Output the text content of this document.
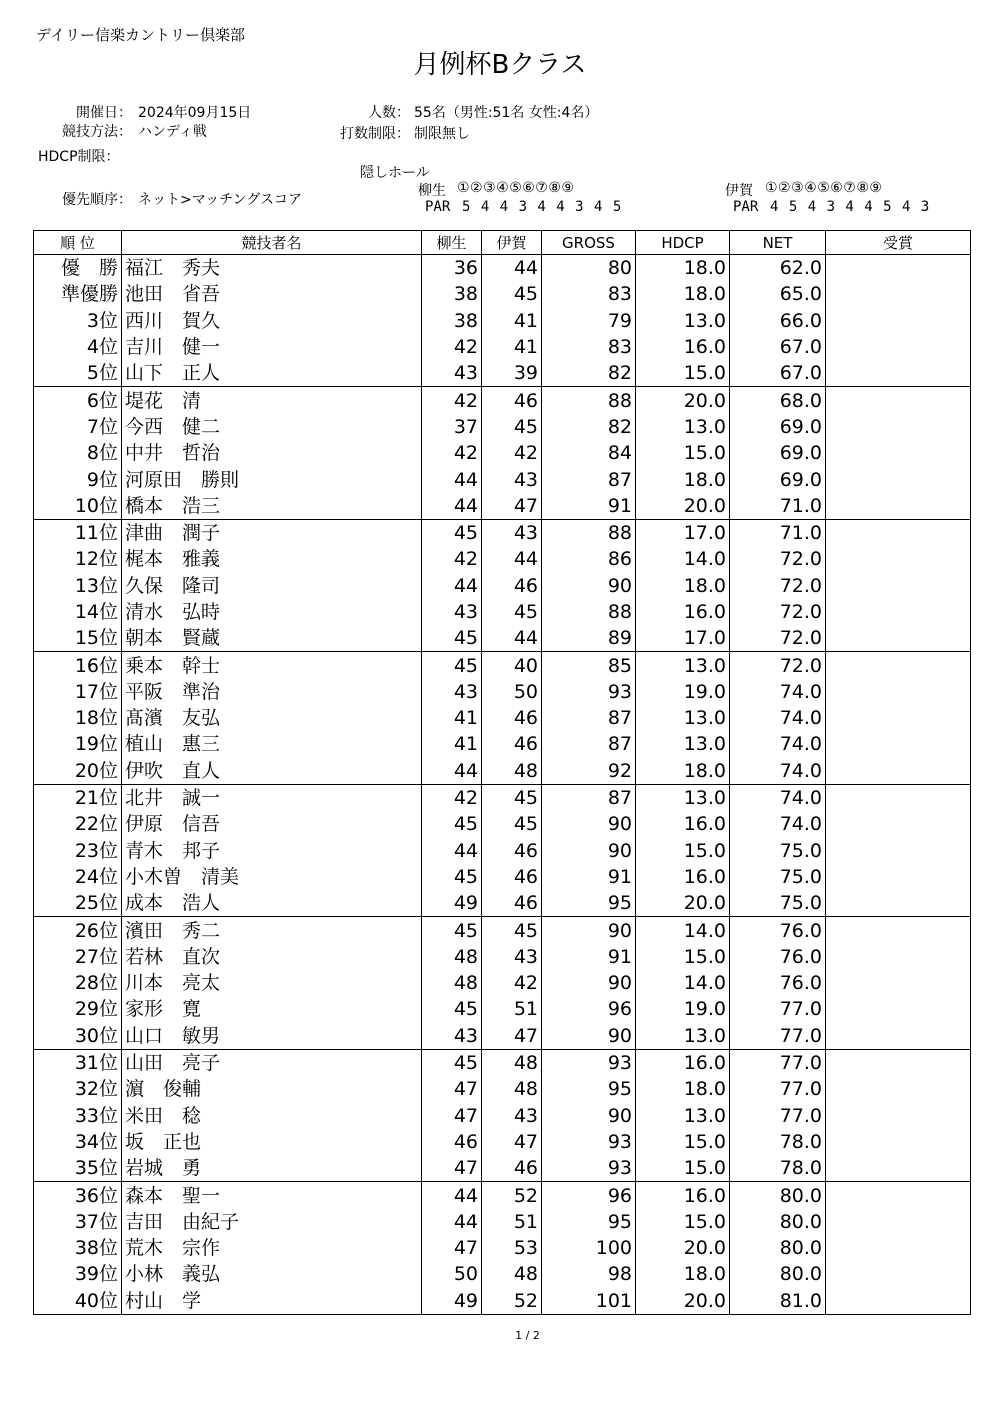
デイリー信楽カントリー倶楽部
月例杯Bクラス
開催日： 2024年09月15日
競技方法： ハンディ戦
HDCP制限：
優先順序： ネット>マッチングスコア
人数： 55名（男性:51名 女性:4名）
打数制限： 制限無し
隠しホール
柳生 ①②③④⑤⑥⑦⑧⑨
PAR 5 4 4 3 4 4 3 4 5
伊賀 ①②③④⑤⑥⑦⑧⑨
PAR 4 5 4 3 4 4 5 4 3
順 位	競技者名	柳生	伊賀	GROSS	HDCP	NET	受賞
優　勝	福江　秀夫	36	44	80	18.0	62.0	
準優勝	池田　省吾	38	45	83	18.0	65.0	
3位	西川　賀久	38	41	79	13.0	66.0	
4位	吉川　健一	42	41	83	16.0	67.0	
5位	山下　正人	43	39	82	15.0	67.0	
6位	堤花　清	42	46	88	20.0	68.0	
7位	今西　健二	37	45	82	13.0	69.0	
8位	中井　哲治	42	42	84	15.0	69.0	
9位	河原田　勝則	44	43	87	18.0	69.0	
10位	橋本　浩三	44	47	91	20.0	71.0	
11位	津曲　潤子	45	43	88	17.0	71.0	
12位	梶本　雅義	42	44	86	14.0	72.0	
13位	久保　隆司	44	46	90	18.0	72.0	
14位	清水　弘時	43	45	88	16.0	72.0	
15位	朝本　賢蔵	45	44	89	17.0	72.0	
16位	乗本　幹士	45	40	85	13.0	72.0	
17位	平阪　準治	43	50	93	19.0	74.0	
18位	髙濱　友弘	41	46	87	13.0	74.0	
19位	植山　惠三	41	46	87	13.0	74.0	
20位	伊吹　直人	44	48	92	18.0	74.0	
21位	北井　誠一	42	45	87	13.0	74.0	
22位	伊原　信吾	45	45	90	16.0	74.0	
23位	青木　邦子	44	46	90	15.0	75.0	
24位	小木曽　清美	45	46	91	16.0	75.0	
25位	成本　浩人	49	46	95	20.0	75.0	
26位	濱田　秀二	45	45	90	14.0	76.0	
27位	若林　直次	48	43	91	15.0	76.0	
28位	川本　亮太	48	42	90	14.0	76.0	
29位	家形　寛	45	51	96	19.0	77.0	
30位	山口　敏男	43	47	90	13.0	77.0	
31位	山田　亮子	45	48	93	16.0	77.0	
32位	濵　俊輔	47	48	95	18.0	77.0	
33位	米田　稔	47	43	90	13.0	77.0	
34位	坂　正也	46	47	93	15.0	78.0	
35位	岩城　勇	47	46	93	15.0	78.0	
36位	森本　聖一	44	52	96	16.0	80.0	
37位	吉田　由紀子	44	51	95	15.0	80.0	
38位	荒木　宗作	47	53	100	20.0	80.0	
39位	小林　義弘	50	48	98	18.0	80.0	
40位	村山　学	49	52	101	20.0	81.0	
1 / 2
